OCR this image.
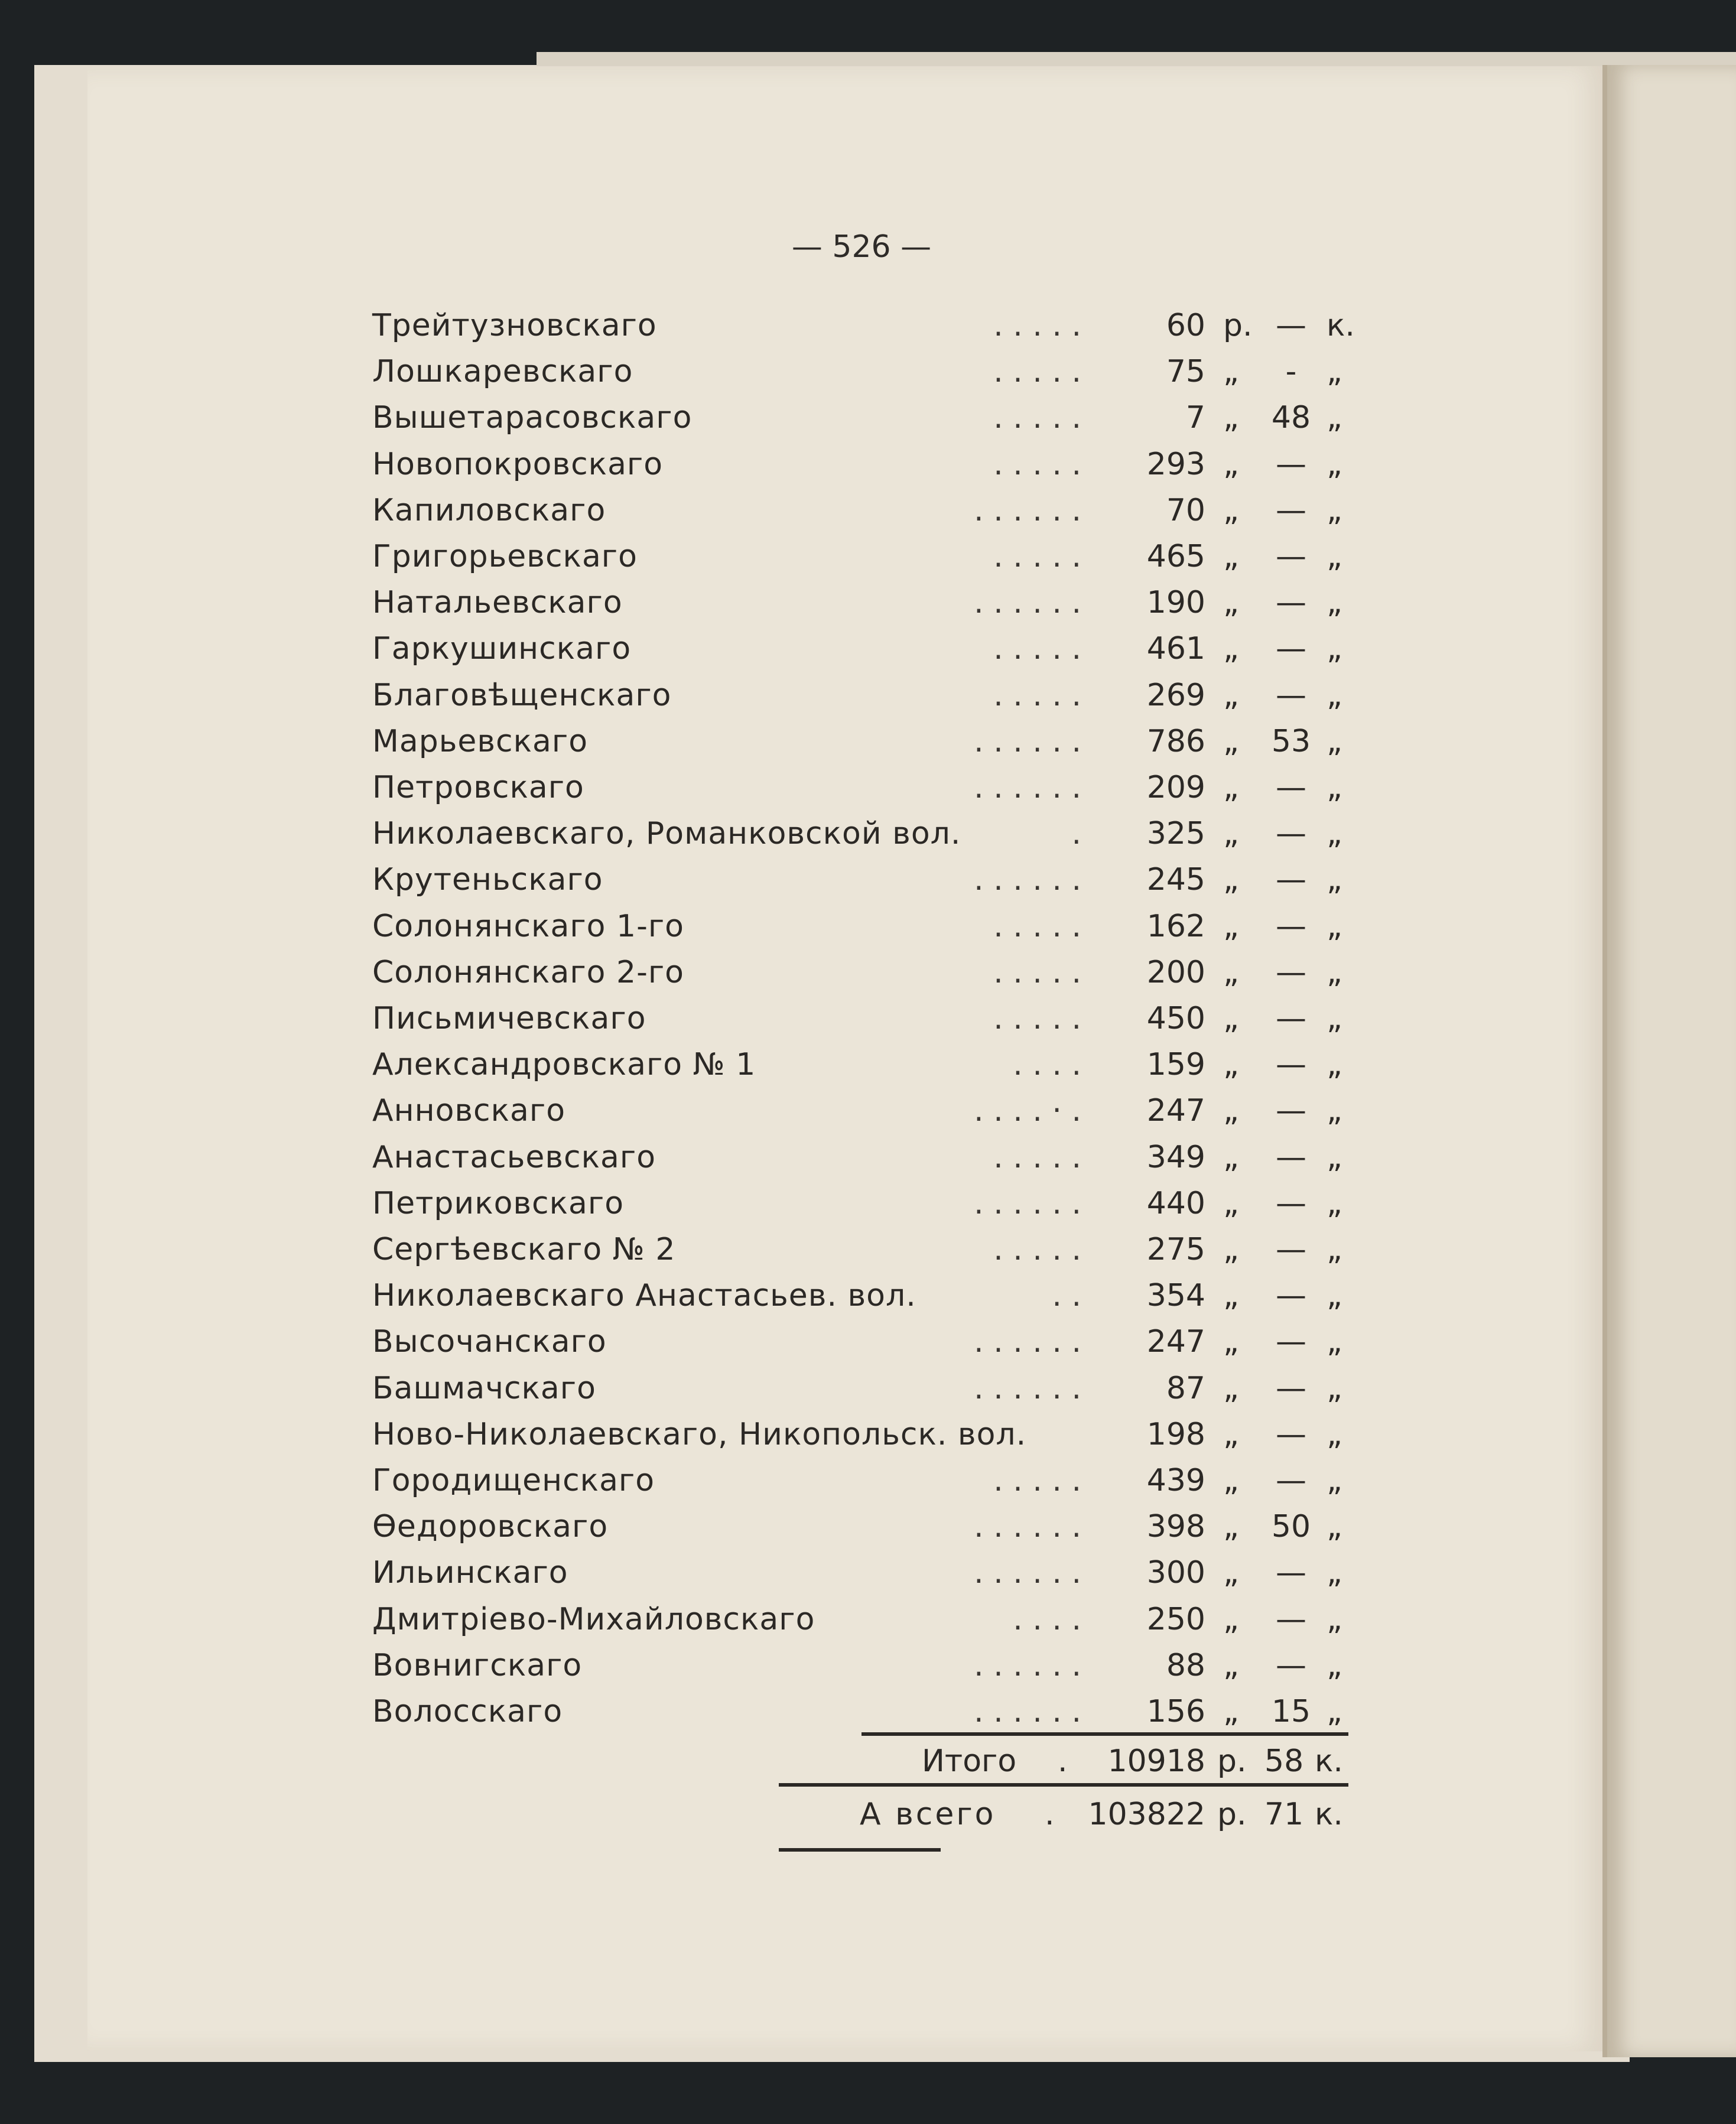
— 526 —
Трейтузновскаго	. . . . .	60 р. — к.
Лошкаревскаго	. . . . .	75 „	- „
Вышетарасовскаго	. . . . .	7 „	48 „
Новопокровскаго	. . . . .	293 „	— „
Капиловскаго	. . . . . .	70 „	— „
Григорьевскаго	. . . . .	465 „	— „
Натальевскаго	. . . . . .	190 „	— „
Гаркушинскаго	. . . . .	461 „	— „
Благовѣщенскаго	. . . . .	269 „	— „
Марьевскаго	. . . . . .	786 „	53 „
Петровскаго	. . . . . .	209 „	— „
Николаевскаго, Романковской вол.	.	325 „	— „
Крутеньскаго	. . . . . .	245 „	— „
Солонянскаго 1-го	. . . . .	162 „	— „
Солонянскаго 2-го	. . . . .	200 „	— „
Письмичевскаго	. . . . .	450 „	— „
Александровскаго № 1	. . . .	159 „	— „
Анновскаго	. . . . · .	247 „	— „
Анастасьевскаго	. . . . .	349 „	— „
Петриковскаго	. . . . . .	440 „	— „
Сергѣевскаго № 2	. . . . .	275 „	— „
Николаевскаго Анастасьев. вол.	. .	354 „	— „
Высочанскаго	. . . . . .	247 „	— „
Башмачскаго	. . . . . .	87 „	— „
Ново-Николаевскаго, Никопольск. вол.	198 „	— „
Городищенскаго	. . . . .	439 „	— „
Ѳедоровскаго	. . . . . .	398 „	50 „
Ильинскаго	. . . . . .	300 „	— „
Дмитріево-Михайловскаго	. . . .	250 „	— „
Вовнигскаго	. . . . . .	88 „	— „
Волосскаго	. . . . . .	156 „	15 „
Итого .	10918 р. 58 к.
А всего .	103822 р. 71 к.
